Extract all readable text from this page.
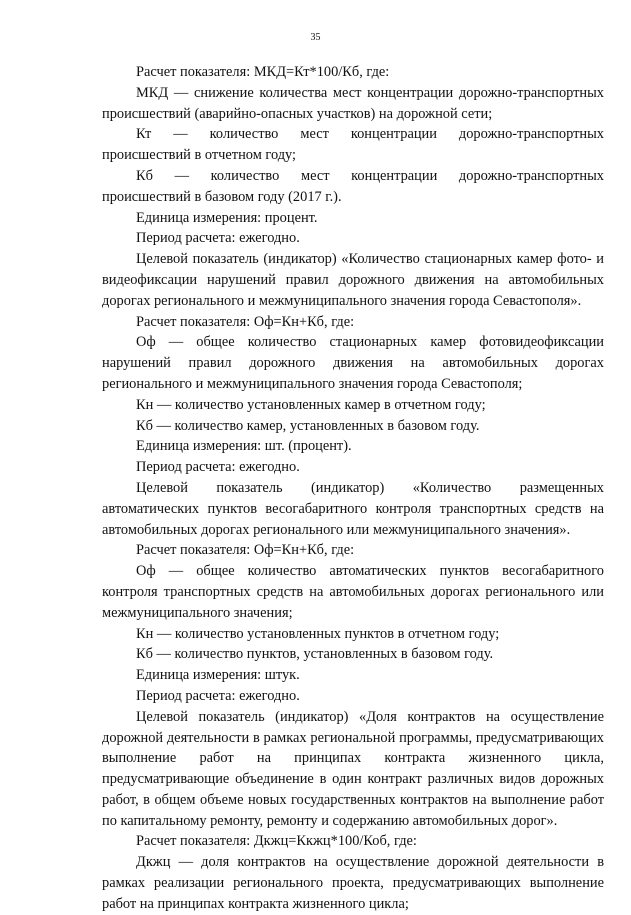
35

Расчет показателя: МКД=Кт*100/Кб, где:

МКД — снижение количества мест концентрации дорожно-транспортных происшествий (аварийно-опасных участков) на дорожной сети;

Кт — количество мест концентрации дорожно-транспортных происшествий в отчетном году;

Кб — количество мест концентрации дорожно-транспортных происшествий в базовом году (2017 г.).

Единица измерения: процент.

Период расчета: ежегодно.

Целевой показатель (индикатор) «Количество стационарных камер фото- и видеофиксации нарушений правил дорожного движения на автомобильных дорогах регионального и межмуниципального значения города Севастополя».

Расчет показателя: Оф=Кн+Кб, где:

Оф — общее количество стационарных камер фотовидеофиксации нарушений правил дорожного движения на автомобильных дорогах регионального и межмуниципального значения города Севастополя;

Кн — количество установленных камер в отчетном году;

Кб — количество камер, установленных в базовом году.

Единица измерения: шт. (процент).

Период расчета: ежегодно.

Целевой показатель (индикатор) «Количество размещенных автоматических пунктов весогабаритного контроля транспортных средств на автомобильных дорогах регионального или межмуниципального значения».

Расчет показателя: Оф=Кн+Кб, где:

Оф — общее количество автоматических пунктов весогабаритного контроля транспортных средств на автомобильных дорогах регионального или межмуниципального значения;

Кн — количество установленных пунктов в отчетном году;

Кб — количество пунктов, установленных в базовом году.

Единица измерения: штук.

Период расчета: ежегодно.

Целевой показатель (индикатор) «Доля контрактов на осуществление дорожной деятельности в рамках региональной программы, предусматривающих выполнение работ на принципах контракта жизненного цикла, предусматривающие объединение в один контракт различных видов дорожных работ, в общем объеме новых государственных контрактов на выполнение работ по капитальному ремонту, ремонту и содержанию автомобильных дорог».

Расчет показателя: Дкжц=Ккжц*100/Коб, где:

Дкжц — доля контрактов на осуществление дорожной деятельности в рамках реализации регионального проекта, предусматривающих выполнение работ на принципах контракта жизненного цикла;
